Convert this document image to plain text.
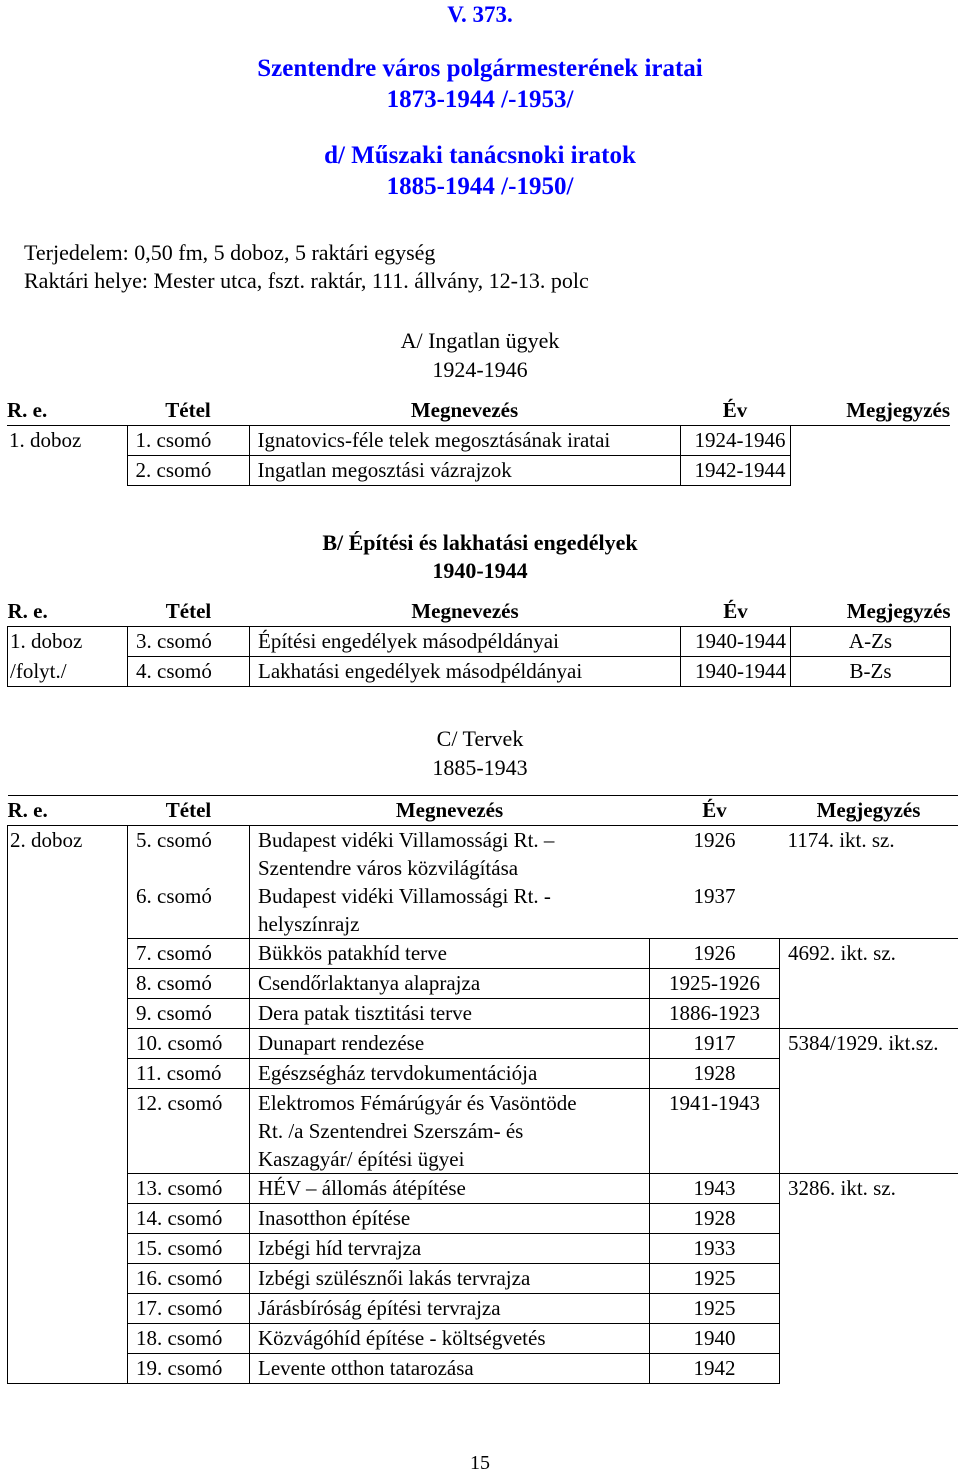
V. 373.
Szentendre város polgármesterének iratai
1873-1944 /-1953/
d/ Műszaki tanácsnoki iratok
1885-1944 /-1950/
Terjedelem: 0,50 fm, 5 doboz, 5 raktári egység
Raktári helye: Mester utca, fszt. raktár, 111. állvány, 12-13. polc
A/ Ingatlan ügyek
1924-1946
R. e.	Tétel	Megnevezés	Év	Megjegyzés
1. doboz	1. csomó	Ignatovics-féle telek megosztásának iratai	1924-1946	
	2. csomó	Ingatlan megosztási vázrajzok	1942-1944	
B/ Építési és lakhatási engedélyek
1940-1944
R. e.	Tétel	Megnevezés	Év	Megjegyzés
1. doboz	3. csomó	Építési engedélyek másodpéldányai	1940-1944	A-Zs
/folyt./	4. csomó	Lakhatási engedélyek másodpéldányai	1940-1944	B-Zs
C/ Tervek
1885-1943
R. e.	Tétel	Megnevezés	Év	Megjegyzés
2. doboz	5. csomó	Budapest vidéki Villamossági Rt. –
Szentendre város közvilágítása	1926	1174. ikt. sz.
	6. csomó	Budapest vidéki Villamossági Rt. -
helyszínrajz	1937	
	7. csomó	Bükkös patakhíd terve	1926	4692. ikt. sz.
	8. csomó	Csendőrlaktanya alaprajza	1925-1926	
	9. csomó	Dera patak tisztitási terve	1886-1923	
	10. csomó	Dunapart rendezése	1917	5384/1929. ikt.sz.
	11. csomó	Egészségház tervdokumentációja	1928	
	12. csomó	Elektromos Fémárúgyár és Vasöntöde
Rt. /a Szentendrei Szerszám- és
Kaszagyár/ építési ügyei	1941-1943	
	13. csomó	HÉV – állomás átépítése	1943	3286. ikt. sz.
	14. csomó	Inasotthon építése	1928	
	15. csomó	Izbégi híd tervrajza	1933	
	16. csomó	Izbégi szülésznői lakás tervrajza	1925	
	17. csomó	Járásbíróság építési tervrajza	1925	
	18. csomó	Közvágóhíd építése - költségvetés	1940	
	19. csomó	Levente otthon tatarozása	1942	
15
